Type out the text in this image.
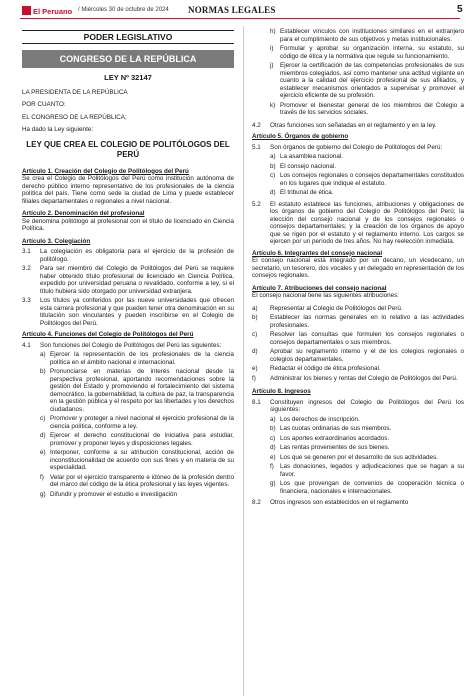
El Peruano / Miércoles 30 de octubre de 2024 NORMAS LEGALES	5
PODER LEGISLATIVO
CONGRESO DE LA REPÚBLICA
LEY Nº 32147

LA PRESIDENTA DE LA REPÚBLICA

POR CUANTO:

EL CONGRESO DE LA REPÚBLICA;

Ha dado la Ley siguiente:

LEY QUE CREA EL COLEGIO DE POLITÓLOGOS DEL PERÚ
Artículo 1. Creación del Colegio de Politólogos del Perú

Se crea el Colegio de Politólogos del Perú como institución autónoma de derecho público interno representativo de los profesionales de la ciencia política del país. Tiene como sede la ciudad de Lima y puede establecer filiales departamentales o regionales a nivel nacional.

Artículo 2. Denominación del profesional

Se denomina politólogo al profesional con el título de licenciado en Ciencia Política.

Artículo 3. Colegiación
3.1	La colegiación es obligatoria para el ejercicio de la profesión de politólogo.
3.2	Para ser miembro del Colegio de Politólogos del Perú se requiere haber obtenido título profesional de licenciado en Ciencia Política, expedido por universidad peruana o revalidado, conforme a ley, si el título hubiera sido otorgado por universidad extranjera.
3.3	Los títulos ya conferidos por las nueve universidades que ofrecen esta carrera profesional y que pueden tener otra denominación en su titulación son vinculantes y pueden inscribirse en el Colegio de Politólogos del Perú.
Artículo 4. Funciones del Colegio de Politólogos del Perú
4.1	Son funciones del Colegio de Politólogos del Perú las siguientes:
a) Ejercer la representación de los profesionales de la ciencia política en el ámbito nacional e internacional.
b) Pronunciarse en materias de interés nacional desde la perspectiva profesional, aportando recomendaciones sobre la gestión del Estado y promoviendo el fortalecimiento del sistema democrático, la gobernabilidad, la cultura de paz, la transparencia en la gestión pública y el respeto por las libertades y los derechos ciudadanos.
c) Promover y proteger a nivel nacional el ejercicio profesional de la ciencia política, conforme a ley.
d) Ejercer el derecho constitucional de iniciativa para estudiar, promover y proponer leyes y disposiciones legales.
e) Interponer, conforme a su atribución constitucional, acción de inconstitucionalidad de acuerdo con sus fines y en materia de su especialidad.
f) Velar por el ejercicio transparente e idóneo de la profesión dentro del marco del código de la ética profesional y las leyes vigentes.
g) Difundir y promover el estudio e investigación
h) Establecer vínculos con instituciones similares en el extranjero para el cumplimiento de sus objetivos y metas institucionales.
i)	Formular y aprobar su organización interna, su estatuto, su código de ética y la normativa que regule su funcionamiento.
j)	Ejercer la certificación de las competencias profesionales de sus miembros colegiados, así como mantener una actitud vigilante en cuanto a la calidad del ejercicio profesional de sus afiliados, y establecer mecanismos orientados a supervisar y promover el ejercicio eficiente de su profesión.
k) Promover el bienestar general de los miembros del Colegio a través de los servicios sociales.
4.2	Otras funciones son señaladas en el reglamento y en la ley.
Artículo 5. Órganos de gobierno
5.1	Son órganos de gobierno del Colegio de Politólogos del Perú:
a) La asamblea nacional.
b) El consejo nacional.
c) Los consejos regionales o consejos departamentales constituidos en los lugares que indique el estatuto.
d) El tribunal de ética.
5.2	El estatuto establece las funciones, atribuciones y obligaciones de los órganos de gobierno del Colegio de Politólogos del Perú; la elección del consejo nacional y de los consejos regionales o consejos departamentales; y la creación de los órganos de apoyo que se rigen por el estatuto y el reglamento interno. Los cargos se ejercen por un período de tres años. No hay reelección inmediata.
Artículo 6. Integrantes del consejo nacional

El consejo nacional está integrado por un decano, un vicedecano, un secretario, un tesorero, dos vocales y un delegado en representación de los consejos regionales.

Artículo 7. Atribuciones del consejo nacional

El consejo nacional tiene las siguientes atribuciones:

a)	Representar al Colegio de Politólogos del Perú.
b)	Establecer las normas generales en lo relativo a las actividades profesionales.
c)	Resolver las consultas que formulen los consejos regionales o consejos departamentales o sus miembros.
d)	Aprobar su reglamento interno y el de los colegios regionales o colegios departamentales.
e)	Redactar el código de ética profesional.
f)	Administrar los bienes y rentas del Colegio de Politólogos del Perú.
Artículo 8. Ingresos
8.1	Constituyen ingresos del Colegio de Politólogos del Perú los siguientes:
a) Los derechos de inscripción.
b) Las cuotas ordinarias de sus miembros.
c) Los aportes extraordinarios acordados.
d) Las rentas provenientes de sus bienes.
e) Los que se generen por el desarrollo de sus actividades.
f) Las donaciones, legados y adjudicaciones que se hagan a su favor.
g) Los que provengan de convenios de cooperación técnica o financiera, nacionales e internacionales.
8.2	Otros ingresos son establecidos en el reglamento
